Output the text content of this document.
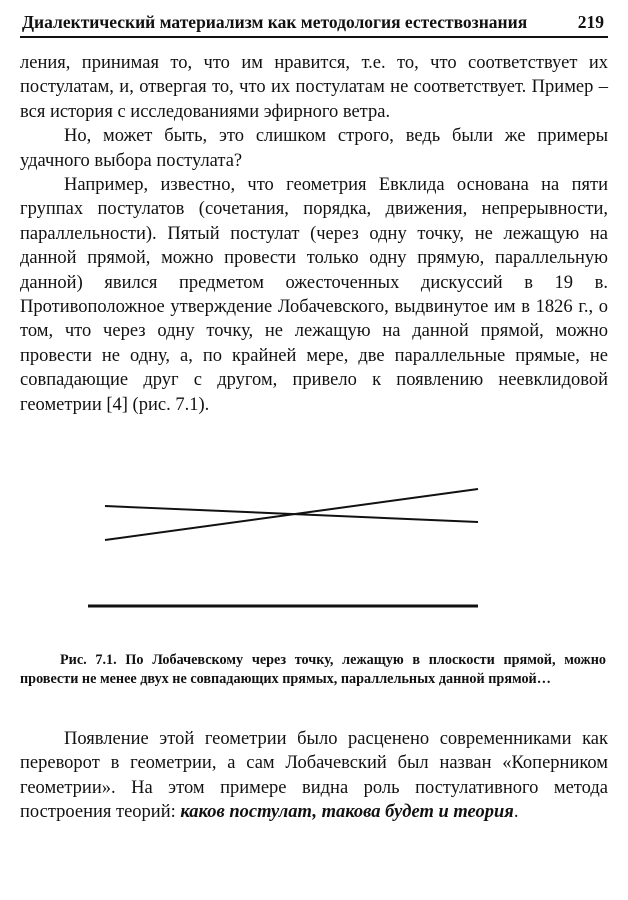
Диалектический материализм как методология естествознания	219

ления, принимая то, что им нравится, т.е. то, что соответствует их постулатам, и, отвергая то, что их постулатам не соответствует. Пример – вся история с исследованиями эфирного ветра.

Но, может быть, это слишком строго, ведь были же примеры удачного выбора постулата?

Например, известно, что геометрия Евклида основана на пяти группах постулатов (сочетания, порядка, движения, непрерывности, параллельности). Пятый постулат (через одну точку, не лежащую на данной прямой, можно провести только одну прямую, параллельную данной) явился предметом ожесточенных дискуссий в 19 в. Противоположное утверждение Лобачевского, выдвинутое им в 1826 г., о том, что через одну точку, не лежащую на данной прямой, можно провести не одну, а, по крайней мере, две параллельные прямые, не совпадающие друг с другом, привело к появлению неевклидовой геометрии [4] (рис. 7.1).

Рис. 7.1. По Лобачевскому через точку, лежащую в плоскости прямой, можно провести не менее двух не совпадающих прямых, параллельных данной прямой…

Появление этой геометрии было расценено современниками как переворот в геометрии, а сам Лобачевский был назван «Коперником геометрии». На этом примере видна роль постулативного метода построения теорий: каков постулат, такова будет и теория.
